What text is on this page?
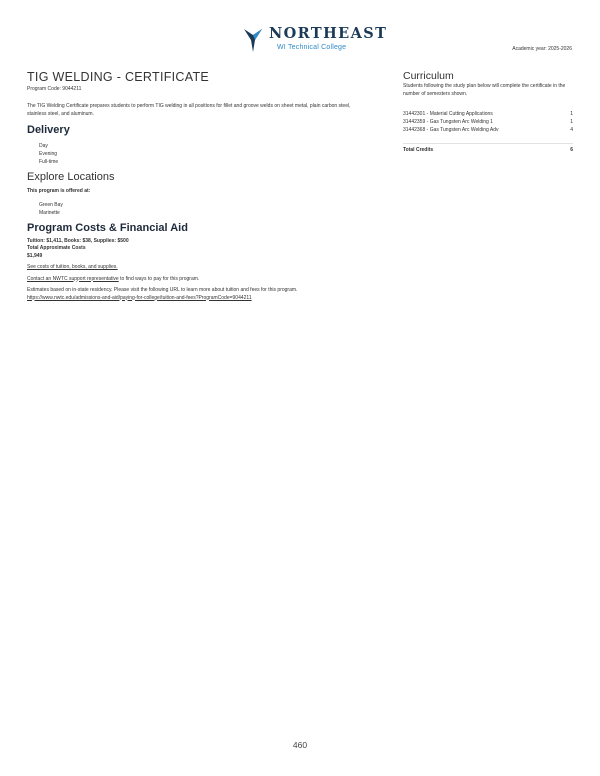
NORTHEAST
WI Technical College	Academic year: 2025-2026
TIG WELDING - CERTIFICATE
Program Code: 9044211
The TIG Welding Certificate prepares students to perform TIG welding in all positions for fillet and groove welds on sheet metal, plain carbon steel, stainless steel, and aluminum.
Delivery
Day
Evening
Full-time
Explore Locations
This program is offered at:
Green Bay
Marinette
Program Costs & Financial Aid
Tuition: $1,411, Books: $38, Supplies: $500
Total Approximate Costs
$1,949
See costs of tuition, books, and supplies.
Contact an NWTC support representative to find ways to pay for this program.
Estimates based on in-state residency. Please visit the following URL to learn more about tuition and fees for this program.
https://www.nwtc.edu/admissions-and-aid/paying-for-college/tuition-and-fees?ProgramCode=9044211
Curriculum
Students following the study plan below will complete the certificate in the number of semesters shown.
31442301 - Material Cutting Applications	1
31442359 - Gas Tungsten Arc Welding 1	1
31442368 - Gas Tungsten Arc Welding Adv	4
Total Credits	6
460
